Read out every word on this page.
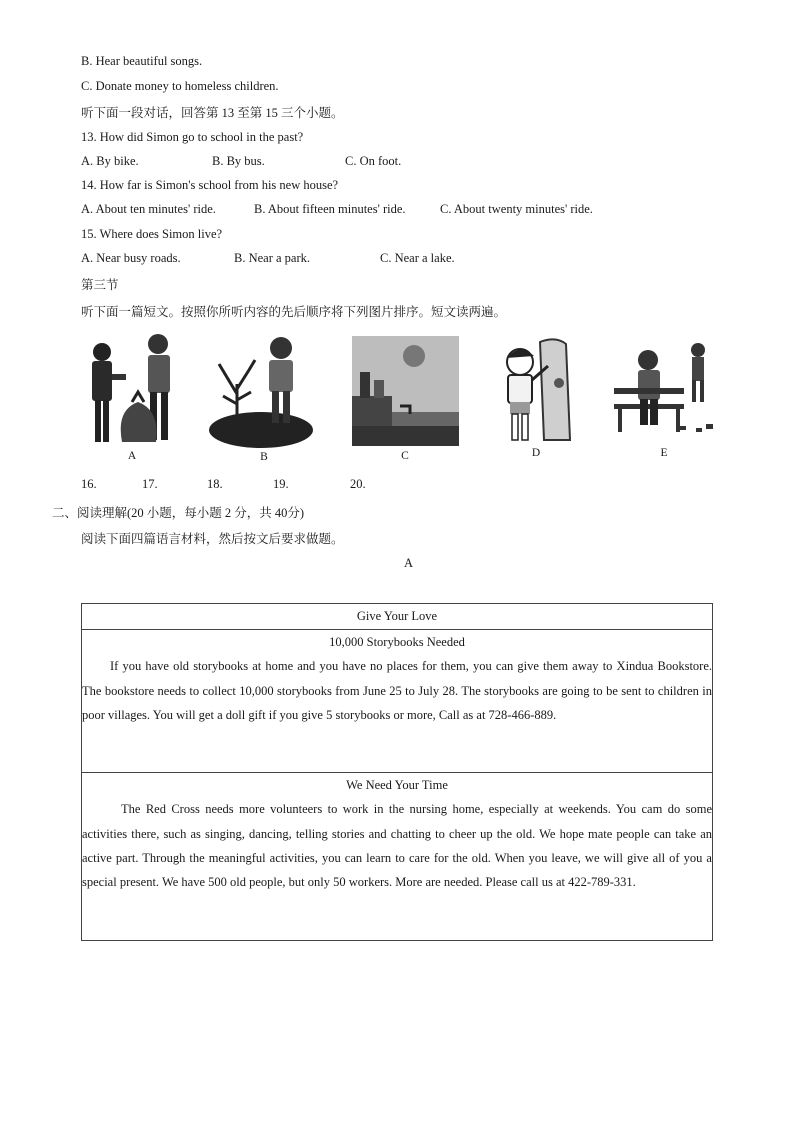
B. Hear beautiful songs.
C. Donate money to homeless children.
听下面一段对话，回答第 13 至第 15 三个小题。
13. How did Simon go to school in the past?
A. By bike.	B. By bus.	C. On foot.
14. How far is Simon's school from his new house?
A. About ten minutes' ride.	B. About fifteen minutes' ride.	C. About twenty minutes' ride.
15. Where does Simon live?
A. Near busy roads.	B. Near a park.	C. Near a lake.
第三节
听下面一篇短文。按照你所听内容的先后顺序将下列图片排序。短文读两遍。
A	B	C	D	E
16.	17.	18.	19.	20.
二、阅读理解(20 小题，每小题 2 分，共 40分)
阅读下面四篇语言材料，然后按文后要求做题。
A
Give Your Love

10,000 Storybooks Needed
If you have old storybooks at home and you have no places for them, you can give them away to Xindua Bookstore. The bookstore needs to collect 10,000 storybooks from June 25 to July 28. The storybooks are going to be sent to children in poor villages. You will get a doll gift if you give 5 storybooks or more, Call as at 728-466-889.

We Need Your Time
The Red Cross needs more volunteers to work in the nursing home, especially at weekends. You cam do some activities there, such as singing, dancing, telling stories and chatting to cheer up the old. We hope mate people can take an active part. Through the meaningful activities, you can learn to care for the old. When you leave, we will give all of you a special present. We have 500 old people, but only 50 workers. More are needed. Please call us at 422-789-331.
